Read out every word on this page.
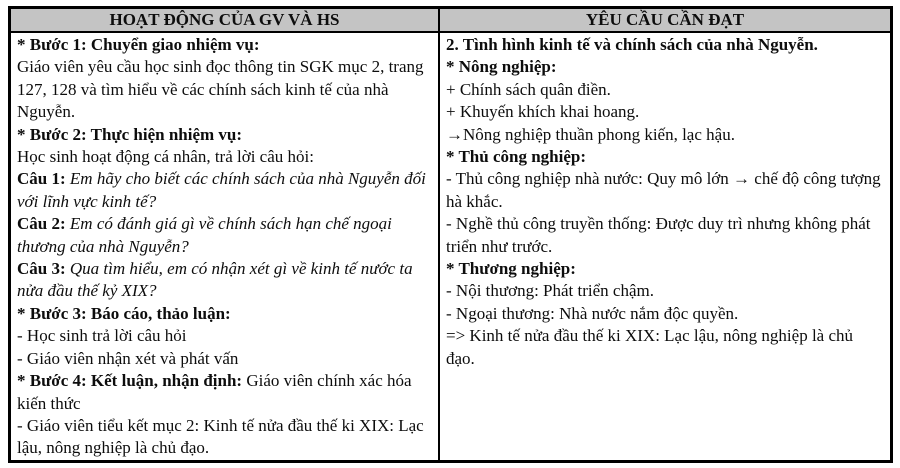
HOẠT ĐỘNG CỦA GV VÀ HS	YÊU CẦU CẦN ĐẠT
* Bước 1: Chuyển giao nhiệm vụ:
Giáo viên yêu cầu học sinh đọc thông tin SGK mục 2, trang 127, 128 và tìm hiểu về các chính sách kinh tế của nhà Nguyễn.
* Bước 2: Thực hiện nhiệm vụ:
Học sinh hoạt động cá nhân, trả lời câu hỏi:
Câu 1: Em hãy cho biết các chính sách của nhà Nguyễn đối với lĩnh vực kinh tế?
Câu 2: Em có đánh giá gì về chính sách hạn chế ngoại thương của nhà Nguyễn?
Câu 3: Qua tìm hiểu, em có nhận xét gì về kinh tế nước ta nửa đầu thế kỷ XIX?
* Bước 3: Báo cáo, thảo luận:
- Học sinh trả lời câu hỏi
- Giáo viên nhận xét và phát vấn
* Bước 4: Kết luận, nhận định: Giáo viên chính xác hóa kiến thức
- Giáo viên tiểu kết mục 2: Kinh tế nửa đầu thế ki XIX: Lạc lậu, nông nghiệp là chủ đạo.
2. Tình hình kinh tế và chính sách của nhà Nguyễn.
* Nông nghiệp:
+ Chính sách quân điền.
+ Khuyến khích khai hoang.
→Nông nghiệp thuần phong kiến, lạc hậu.
* Thủ công nghiệp:
- Thủ công nghiệp nhà nước: Quy mô lớn → chế độ công tượng hà khắc.
- Nghề thủ công truyền thống: Được duy trì nhưng không phát triển như trước.
* Thương nghiệp:
- Nội thương: Phát triển chậm.
- Ngoại thương: Nhà nước nắm độc quyền.
=> Kinh tế nửa đầu thế ki XIX: Lạc lậu, nông nghiệp là chủ đạo.
